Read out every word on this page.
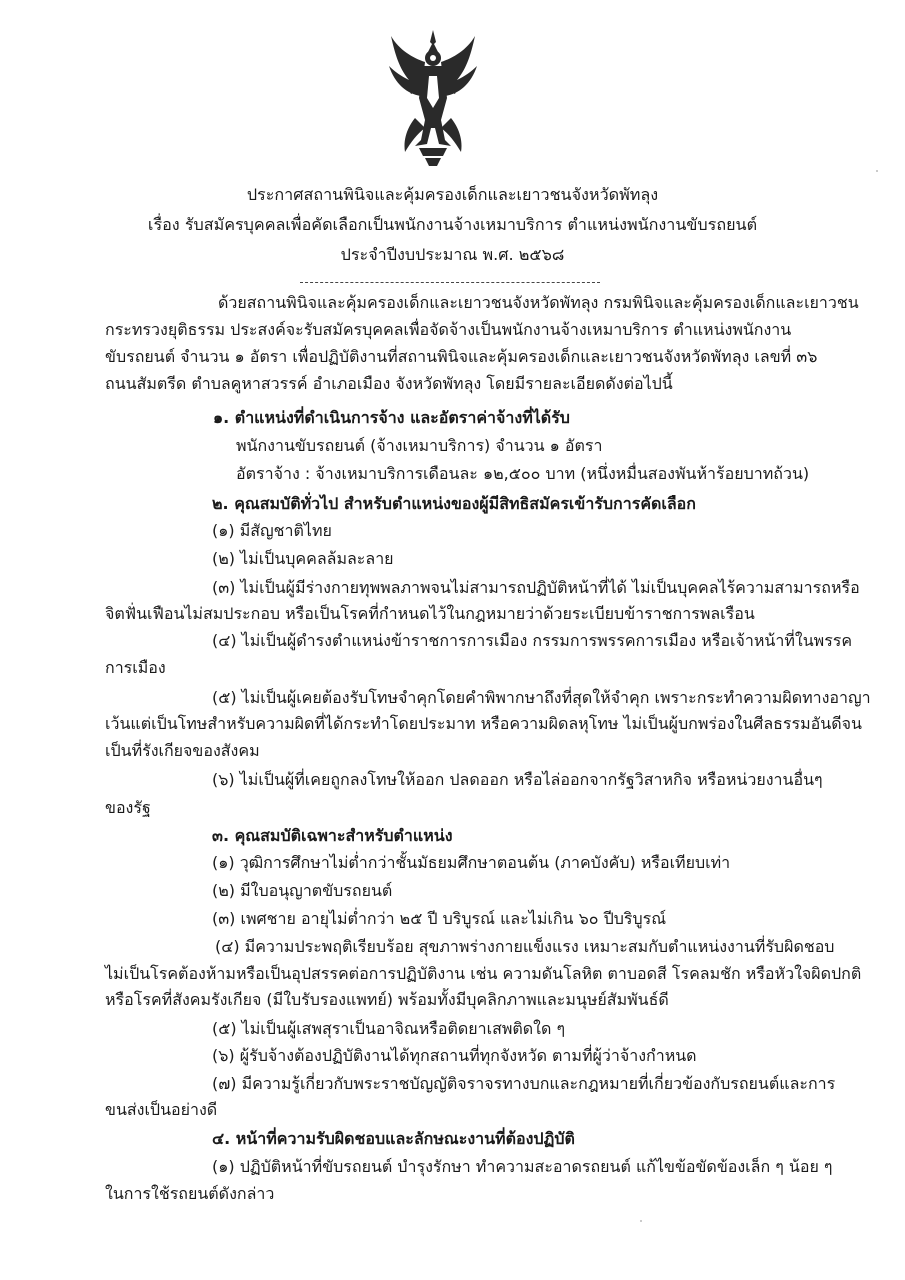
ประกาศสถานพินิจและคุ้มครองเด็กและเยาวชนจังหวัดพัทลุง
เรื่อง รับสมัครบุคคลเพื่อคัดเลือกเป็นพนักงานจ้างเหมาบริการ ตำแหน่งพนักงานขับรถยนต์
ประจำปีงบประมาณ พ.ศ. ๒๕๖๘
ด้วยสถานพินิจและคุ้มครองเด็กและเยาวชนจังหวัดพัทลุง กรมพินิจและคุ้มครองเด็กและเยาวชน
กระทรวงยุติธรรม ประสงค์จะรับสมัครบุคคลเพื่อจัดจ้างเป็นพนักงานจ้างเหมาบริการ ตำแหน่งพนักงาน
ขับรถยนต์ จำนวน ๑ อัตรา เพื่อปฏิบัติงานที่สถานพินิจและคุ้มครองเด็กและเยาวชนจังหวัดพัทลุง เลขที่ ๓๖
ถนนสัมตรีด ตำบลคูหาสวรรค์ อำเภอเมือง จังหวัดพัทลุง โดยมีรายละเอียดดังต่อไปนี้
๑. ตำแหน่งที่ดำเนินการจ้าง และอัตราค่าจ้างที่ได้รับ
พนักงานขับรถยนต์ (จ้างเหมาบริการ) จำนวน ๑ อัตรา
อัตราจ้าง : จ้างเหมาบริการเดือนละ ๑๒,๕๐๐ บาท (หนึ่งหมื่นสองพันห้าร้อยบาทถ้วน)
๒. คุณสมบัติทั่วไป สำหรับตำแหน่งของผู้มีสิทธิสมัครเข้ารับการคัดเลือก
(๑) มีสัญชาติไทย
(๒) ไม่เป็นบุคคลล้มละลาย
(๓) ไม่เป็นผู้มีร่างกายทุพพลภาพจนไม่สามารถปฏิบัติหน้าที่ได้ ไม่เป็นบุคคลไร้ความสามารถหรือ
จิตฟั่นเฟือนไม่สมประกอบ หรือเป็นโรคที่กำหนดไว้ในกฎหมายว่าด้วยระเบียบข้าราชการพลเรือน
(๔) ไม่เป็นผู้ดำรงตำแหน่งข้าราชการการเมือง กรรมการพรรคการเมือง หรือเจ้าหน้าที่ในพรรค
การเมือง
(๕) ไม่เป็นผู้เคยต้องรับโทษจำคุกโดยคำพิพากษาถึงที่สุดให้จำคุก เพราะกระทำความผิดทางอาญา
เว้นแต่เป็นโทษสำหรับความผิดที่ได้กระทำโดยประมาท หรือความผิดลหุโทษ ไม่เป็นผู้บกพร่องในศีลธรรมอันดีจน
เป็นที่รังเกียจของสังคม
(๖) ไม่เป็นผู้ที่เคยถูกลงโทษให้ออก ปลดออก หรือไล่ออกจากรัฐวิสาหกิจ หรือหน่วยงานอื่นๆ
ของรัฐ
๓. คุณสมบัติเฉพาะสำหรับตำแหน่ง
(๑) วุฒิการศึกษาไม่ต่ำกว่าชั้นมัธยมศึกษาตอนต้น (ภาคบังคับ) หรือเทียบเท่า
(๒) มีใบอนุญาตขับรถยนต์
(๓) เพศชาย อายุไม่ต่ำกว่า ๒๕ ปี บริบูรณ์ และไม่เกิน ๖๐ ปีบริบูรณ์
(๔) มีความประพฤติเรียบร้อย สุขภาพร่างกายแข็งแรง เหมาะสมกับตำแหน่งงานที่รับผิดชอบ
ไม่เป็นโรคต้องห้ามหรือเป็นอุปสรรคต่อการปฏิบัติงาน เช่น ความดันโลหิต ตาบอดสี โรคลมชัก หรือหัวใจผิดปกติ
หรือโรคที่สังคมรังเกียจ (มีใบรับรองแพทย์) พร้อมทั้งมีบุคลิกภาพและมนุษย์สัมพันธ์ดี
(๕) ไม่เป็นผู้เสพสุราเป็นอาจิณหรือติดยาเสพติดใด ๆ
(๖) ผู้รับจ้างต้องปฏิบัติงานได้ทุกสถานที่ทุกจังหวัด ตามที่ผู้ว่าจ้างกำหนด
(๗) มีความรู้เกี่ยวกับพระราชบัญญัติจราจรทางบกและกฎหมายที่เกี่ยวข้องกับรถยนต์และการ
ขนส่งเป็นอย่างดี
๔. หน้าที่ความรับผิดชอบและลักษณะงานที่ต้องปฏิบัติ
(๑) ปฏิบัติหน้าที่ขับรถยนต์ บำรุงรักษา ทำความสะอาดรถยนต์ แก้ไขข้อขัดข้องเล็ก ๆ น้อย ๆ
ในการใช้รถยนต์ดังกล่าว
